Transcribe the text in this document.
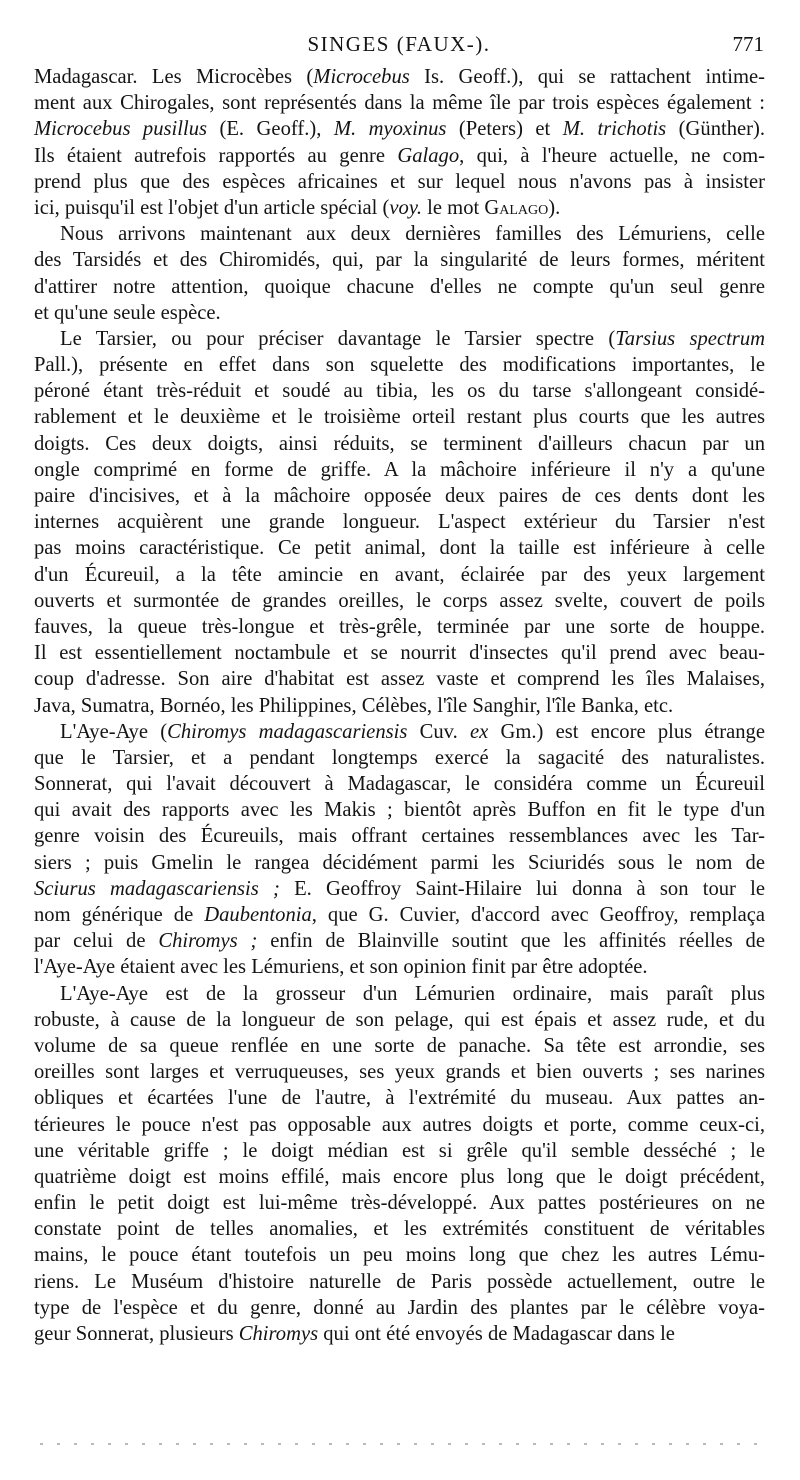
SINGES (FAUX-).	771
Madagascar. Les Microcèbes (Microcebus Is. Geoff.), qui se rattachent intime-
ment aux Chirogales, sont représentés dans la même île par trois espèces également :
Microcebus pusillus (E. Geoff.), M. myoxinus (Peters) et M. trichotis (Günther).
Ils étaient autrefois rapportés au genre Galago, qui, à l'heure actuelle, ne com-
prend plus que des espèces africaines et sur lequel nous n'avons pas à insister
ici, puisqu'il est l'objet d'un article spécial (voy. le mot Galago).
Nous arrivons maintenant aux deux dernières familles des Lémuriens, celle
des Tarsidés et des Chiromidés, qui, par la singularité de leurs formes, méritent
d'attirer notre attention, quoique chacune d'elles ne compte qu'un seul genre
et qu'une seule espèce.
Le Tarsier, ou pour préciser davantage le Tarsier spectre (Tarsius spectrum
Pall.), présente en effet dans son squelette des modifications importantes, le
péroné étant très-réduit et soudé au tibia, les os du tarse s'allongeant considé-
rablement et le deuxième et le troisième orteil restant plus courts que les autres
doigts. Ces deux doigts, ainsi réduits, se terminent d'ailleurs chacun par un
ongle comprimé en forme de griffe. A la mâchoire inférieure il n'y a qu'une
paire d'incisives, et à la mâchoire opposée deux paires de ces dents dont les
internes acquièrent une grande longueur. L'aspect extérieur du Tarsier n'est
pas moins caractéristique. Ce petit animal, dont la taille est inférieure à celle
d'un Écureuil, a la tête amincie en avant, éclairée par des yeux largement
ouverts et surmontée de grandes oreilles, le corps assez svelte, couvert de poils
fauves, la queue très-longue et très-grêle, terminée par une sorte de houppe.
Il est essentiellement noctambule et se nourrit d'insectes qu'il prend avec beau-
coup d'adresse. Son aire d'habitat est assez vaste et comprend les îles Malaises,
Java, Sumatra, Bornéo, les Philippines, Célèbes, l'île Sanghir, l'île Banka, etc.
L'Aye-Aye (Chiromys madagascariensis Cuv. ex Gm.) est encore plus étrange
que le Tarsier, et a pendant longtemps exercé la sagacité des naturalistes.
Sonnerat, qui l'avait découvert à Madagascar, le considéra comme un Écureuil
qui avait des rapports avec les Makis ; bientôt après Buffon en fit le type d'un
genre voisin des Écureuils, mais offrant certaines ressemblances avec les Tar-
siers ; puis Gmelin le rangea décidément parmi les Sciuridés sous le nom de
Sciurus madagascariensis ; E. Geoffroy Saint-Hilaire lui donna à son tour le
nom générique de Daubentonia, que G. Cuvier, d'accord avec Geoffroy, remplaça
par celui de Chiromys ; enfin de Blainville soutint que les affinités réelles de
l'Aye-Aye étaient avec les Lémuriens, et son opinion finit par être adoptée.
L'Aye-Aye est de la grosseur d'un Lémurien ordinaire, mais paraît plus
robuste, à cause de la longueur de son pelage, qui est épais et assez rude, et du
volume de sa queue renflée en une sorte de panache. Sa tête est arrondie, ses
oreilles sont larges et verruqueuses, ses yeux grands et bien ouverts ; ses narines
obliques et écartées l'une de l'autre, à l'extrémité du museau. Aux pattes an-
térieures le pouce n'est pas opposable aux autres doigts et porte, comme ceux-ci,
une véritable griffe ; le doigt médian est si grêle qu'il semble desséché ; le
quatrième doigt est moins effilé, mais encore plus long que le doigt précédent,
enfin le petit doigt est lui-même très-développé. Aux pattes postérieures on ne
constate point de telles anomalies, et les extrémités constituent de véritables
mains, le pouce étant toutefois un peu moins long que chez les autres Lému-
riens. Le Muséum d'histoire naturelle de Paris possède actuellement, outre le
type de l'espèce et du genre, donné au Jardin des plantes par le célèbre voya-
geur Sonnerat, plusieurs Chiromys qui ont été envoyés de Madagascar dans le
